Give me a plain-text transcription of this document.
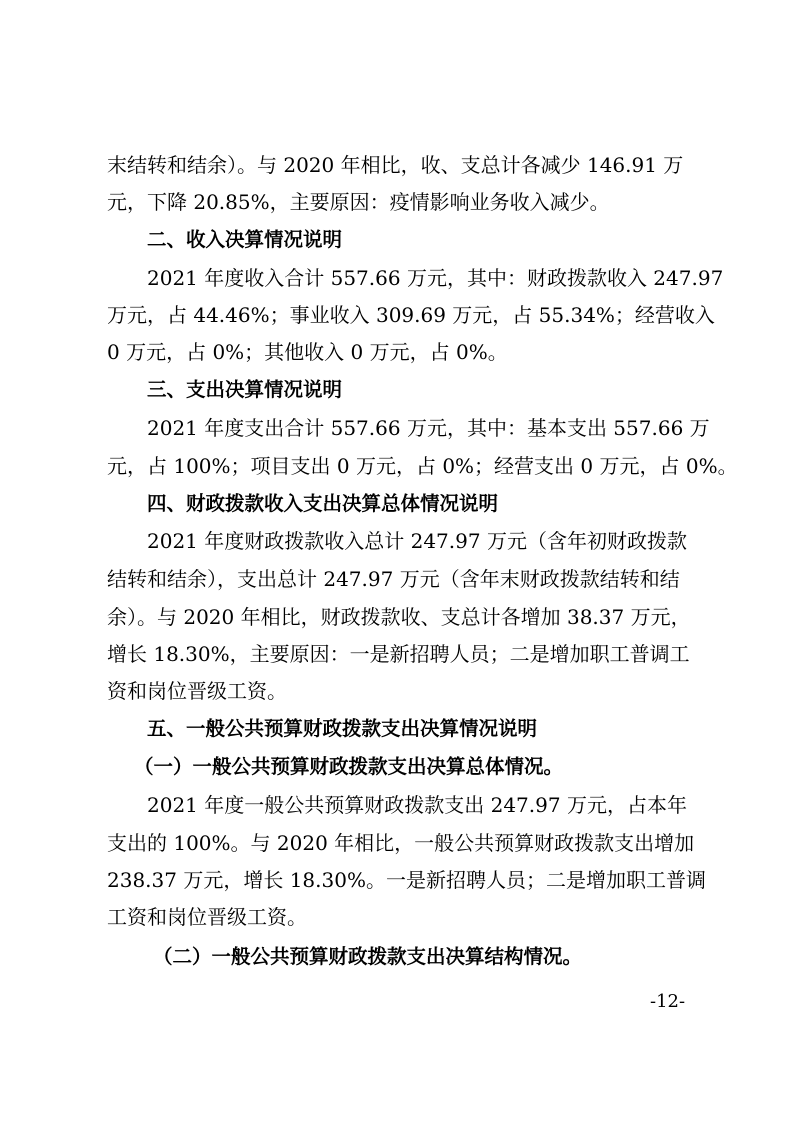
末结转和结余）。与 2020 年相比，收、支总计各减少 146.91 万
元，下降 20.85%，主要原因：疫情影响业务收入减少。
二、收入决算情况说明
2021 年度收入合计 557.66 万元，其中：财政拨款收入 247.97
万元，占 44.46%；事业收入 309.69 万元，占 55.34%；经营收入
0 万元，占 0%；其他收入 0 万元，占 0%。
三、支出决算情况说明
2021 年度支出合计 557.66 万元，其中：基本支出 557.66 万
元，占 100%；项目支出 0 万元，占 0%；经营支出 0 万元，占 0%。
四、财政拨款收入支出决算总体情况说明
2021 年度财政拨款收入总计 247.97 万元（含年初财政拨款
结转和结余），支出总计 247.97 万元（含年末财政拨款结转和结
余）。与 2020 年相比，财政拨款收、支总计各增加 38.37 万元，
增长 18.30%，主要原因：一是新招聘人员；二是增加职工普调工
资和岗位晋级工资。
五、一般公共预算财政拨款支出决算情况说明
（一）一般公共预算财政拨款支出决算总体情况。
2021 年度一般公共预算财政拨款支出 247.97 万元，占本年
支出的 100%。与 2020 年相比，一般公共预算财政拨款支出增加
238.37 万元，增长 18.30%。一是新招聘人员；二是增加职工普调
工资和岗位晋级工资。
（二）一般公共预算财政拨款支出决算结构情况。
-12-
